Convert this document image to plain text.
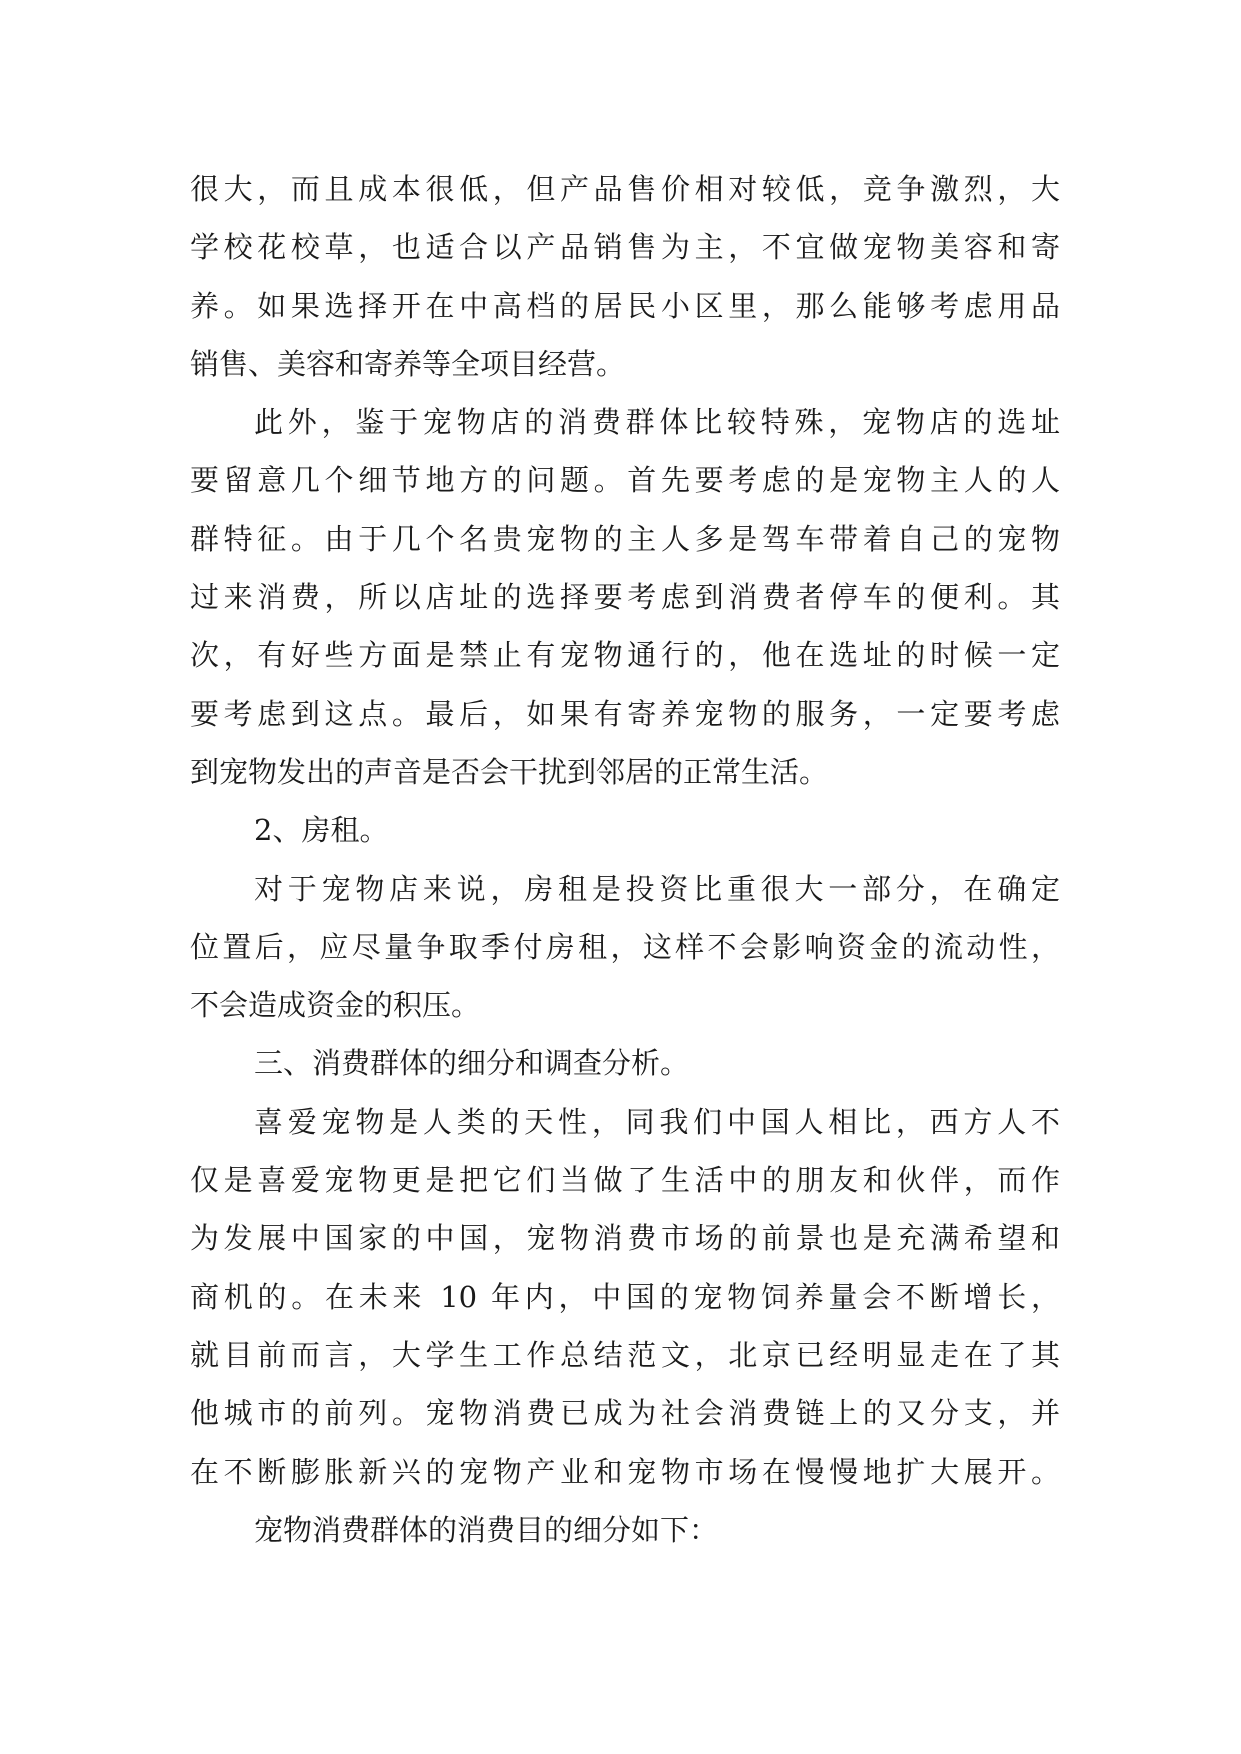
很大，而且成本很低，但产品售价相对较低，竞争激烈，大
学校花校草，也适合以产品销售为主，不宜做宠物美容和寄
养。如果选择开在中高档的居民小区里，那么能够考虑用品
销售、美容和寄养等全项目经营。
此外，鉴于宠物店的消费群体比较特殊，宠物店的选址
要留意几个细节地方的问题。首先要考虑的是宠物主人的人
群特征。由于几个名贵宠物的主人多是驾车带着自己的宠物
过来消费，所以店址的选择要考虑到消费者停车的便利。其
次，有好些方面是禁止有宠物通行的，他在选址的时候一定
要考虑到这点。最后，如果有寄养宠物的服务，一定要考虑
到宠物发出的声音是否会干扰到邻居的正常生活。
2、房租。
对于宠物店来说，房租是投资比重很大一部分，在确定
位置后，应尽量争取季付房租，这样不会影响资金的流动性，
不会造成资金的积压。
三、消费群体的细分和调查分析。
喜爱宠物是人类的天性，同我们中国人相比，西方人不
仅是喜爱宠物更是把它们当做了生活中的朋友和伙伴，而作
为发展中国家的中国，宠物消费市场的前景也是充满希望和
商机的。在未来 10 年内，中国的宠物饲养量会不断增长，
就目前而言，大学生工作总结范文，北京已经明显走在了其
他城市的前列。宠物消费已成为社会消费链上的又分支，并
在不断膨胀新兴的宠物产业和宠物市场在慢慢地扩大展开。
宠物消费群体的消费目的细分如下：
